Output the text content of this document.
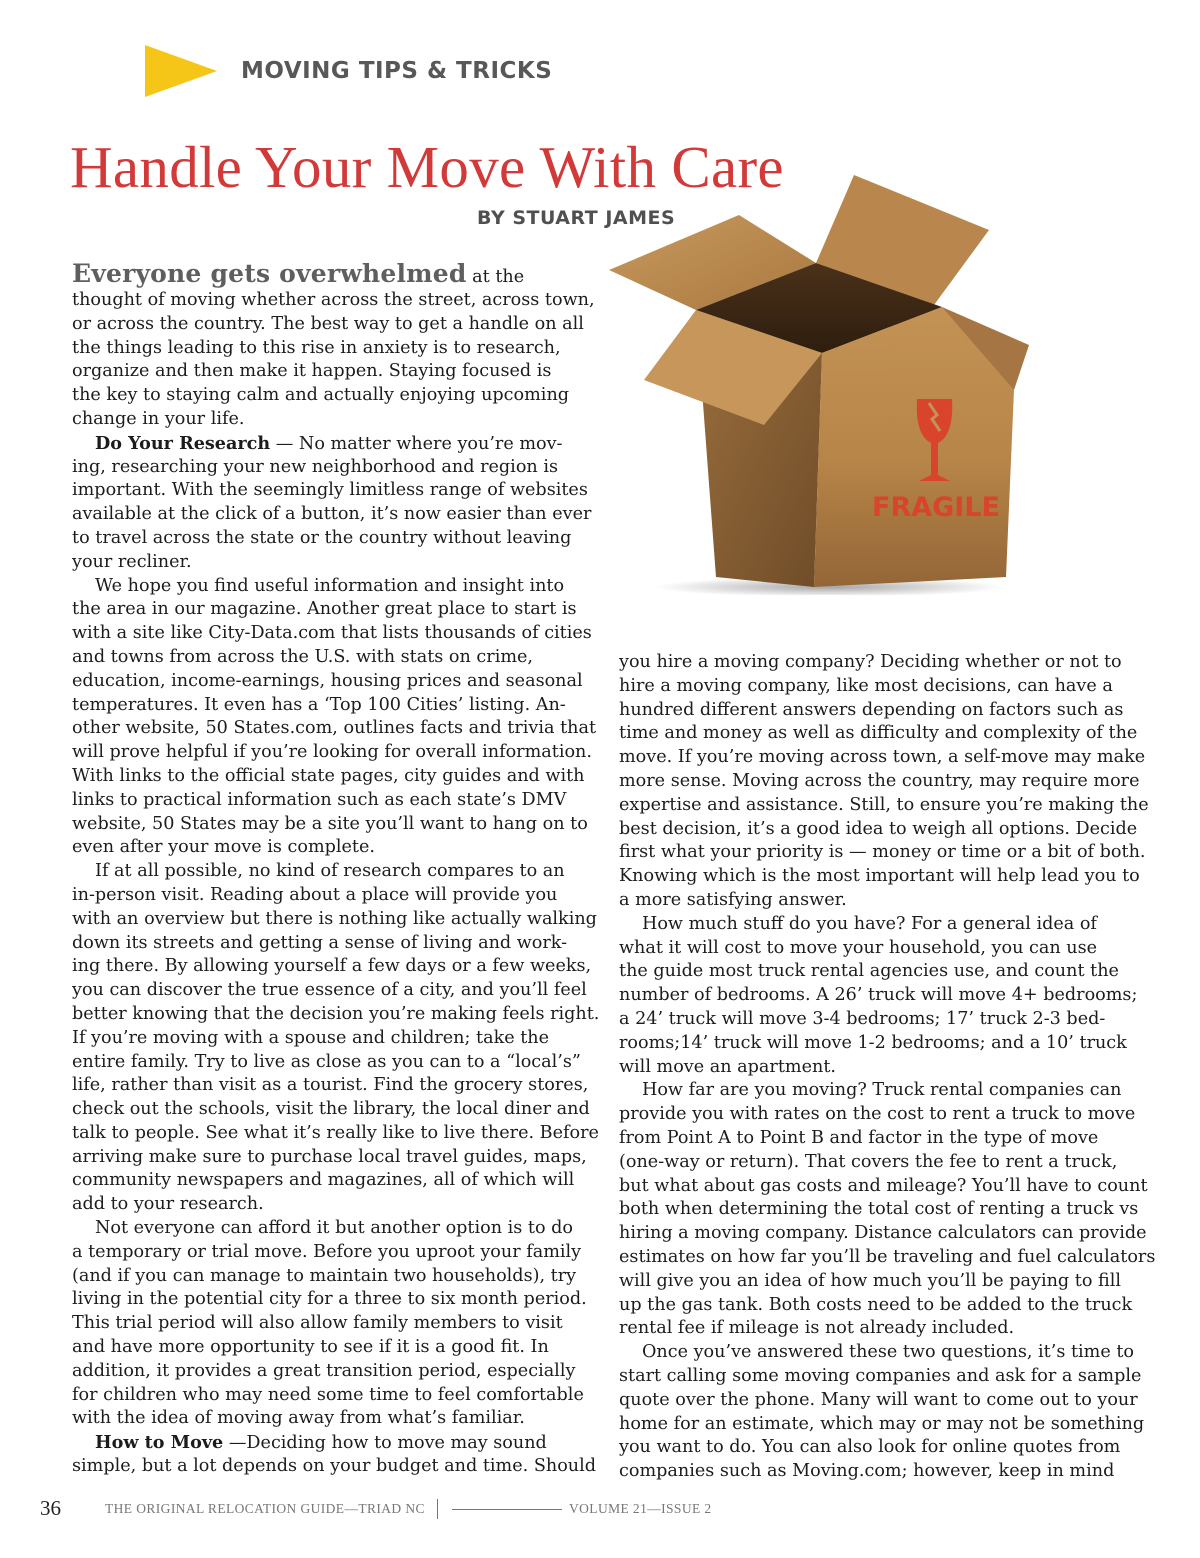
MOVING TIPS & TRICKS
Handle Your Move With Care
BY STUART JAMES
FRAGILE
Everyone gets overwhelmed at the
thought of moving whether across the street, across town,
or across the country. The best way to get a handle on all
the things leading to this rise in anxiety is to research,
organize and then make it happen. Staying focused is
the key to staying calm and actually enjoying upcoming
change in your life.
Do Your Research — No matter where you’re mov-
ing, researching your new neighborhood and region is
important. With the seemingly limitless range of websites
available at the click of a button, it’s now easier than ever
to travel across the state or the country without leaving
your recliner.
We hope you find useful information and insight into
the area in our magazine. Another great place to start is
with a site like City-Data.com that lists thousands of cities
and towns from across the U.S. with stats on crime,
education, income-earnings, housing prices and seasonal
temperatures. It even has a ‘Top 100 Cities’ listing. An-
other website, 50 States.com, outlines facts and trivia that
will prove helpful if you’re looking for overall information.
With links to the official state pages, city guides and with
links to practical information such as each state’s DMV
website, 50 States may be a site you’ll want to hang on to
even after your move is complete.
If at all possible, no kind of research compares to an
in-person visit. Reading about a place will provide you
with an overview but there is nothing like actually walking
down its streets and getting a sense of living and work-
ing there. By allowing yourself a few days or a few weeks,
you can discover the true essence of a city, and you’ll feel
better knowing that the decision you’re making feels right.
If you’re moving with a spouse and children; take the
entire family. Try to live as close as you can to a “local’s”
life, rather than visit as a tourist. Find the grocery stores,
check out the schools, visit the library, the local diner and
talk to people. See what it’s really like to live there. Before
arriving make sure to purchase local travel guides, maps,
community newspapers and magazines, all of which will
add to your research.
Not everyone can afford it but another option is to do
a temporary or trial move. Before you uproot your family
(and if you can manage to maintain two households), try
living in the potential city for a three to six month period.
This trial period will also allow family members to visit
and have more opportunity to see if it is a good fit. In
addition, it provides a great transition period, especially
for children who may need some time to feel comfortable
with the idea of moving away from what’s familiar.
How to Move —Deciding how to move may sound
simple, but a lot depends on your budget and time. Should
you hire a moving company? Deciding whether or not to
hire a moving company, like most decisions, can have a
hundred different answers depending on factors such as
time and money as well as difficulty and complexity of the
move. If you’re moving across town, a self-move may make
more sense. Moving across the country, may require more
expertise and assistance. Still, to ensure you’re making the
best decision, it’s a good idea to weigh all options. Decide
first what your priority is — money or time or a bit of both.
Knowing which is the most important will help lead you to
a more satisfying answer.
How much stuff do you have? For a general idea of
what it will cost to move your household, you can use
the guide most truck rental agencies use, and count the
number of bedrooms. A 26’ truck will move 4+ bedrooms;
a 24’ truck will move 3-4 bedrooms; 17’ truck 2-3 bed-
rooms;14’ truck will move 1-2 bedrooms; and a 10’ truck
will move an apartment.
How far are you moving? Truck rental companies can
provide you with rates on the cost to rent a truck to move
from Point A to Point B and factor in the type of move
(one-way or return). That covers the fee to rent a truck,
but what about gas costs and mileage? You’ll have to count
both when determining the total cost of renting a truck vs
hiring a moving company. Distance calculators can provide
estimates on how far you’ll be traveling and fuel calculators
will give you an idea of how much you’ll be paying to fill
up the gas tank. Both costs need to be added to the truck
rental fee if mileage is not already included.
Once you’ve answered these two questions, it’s time to
start calling some moving companies and ask for a sample
quote over the phone. Many will want to come out to your
home for an estimate, which may or may not be something
you want to do. You can also look for online quotes from
companies such as Moving.com; however, keep in mind
36	THE ORIGINAL RELOCATION GUIDE—TRIAD NC	VOLUME 21—ISSUE 2
